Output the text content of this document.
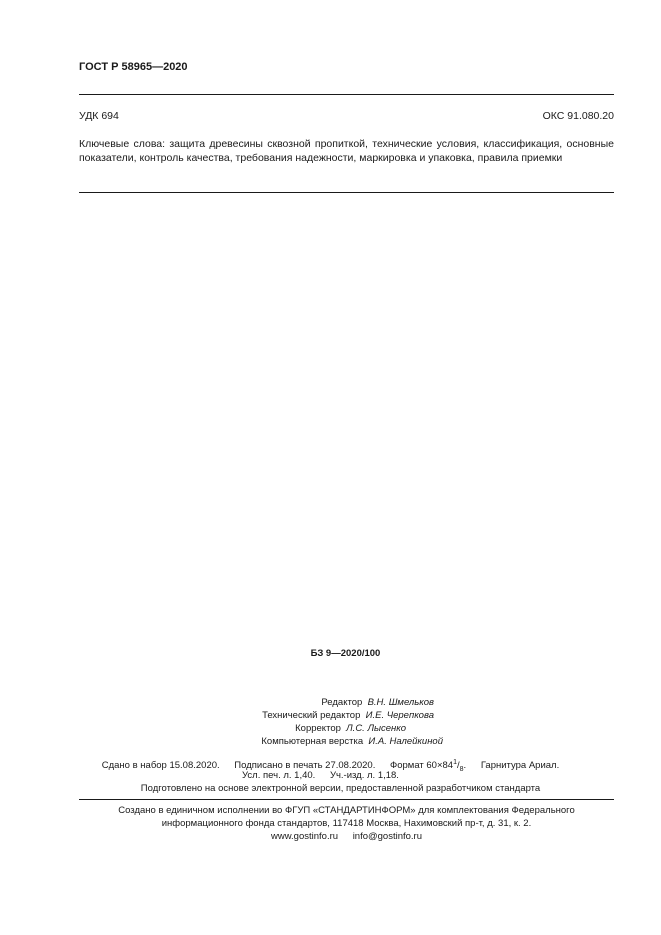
ГОСТ Р 58965—2020
УДК 694	ОКС 91.080.20
Ключевые слова: защита древесины сквозной пропиткой, технические условия, классификация, основные показатели, контроль качества, требования надежности, маркировка и упаковка, правила приемки
БЗ 9—2020/100
Редактор В.Н. Шмельков
Технический редактор И.Е. Черепкова
Корректор Л.С. Лысенко
Компьютерная верстка И.А. Налейкиной
Сдано в набор 15.08.2020. Подписано в печать 27.08.2020. Формат $60\times 84^1/_8$. Гарнитура Ариал.
Усл. печ. л. 1,40. Уч.-изд. л. 1,18.
Подготовлено на основе электронной версии, предоставленной разработчиком стандарта
Создано в единичном исполнении во ФГУП «СТАНДАРТИНФОРМ» для комплектования Федерального
информационного фонда стандартов, 117418 Москва, Нахимовский пр-т, д. 31, к. 2.
www.gostinfo.ru info@gostinfo.ru
